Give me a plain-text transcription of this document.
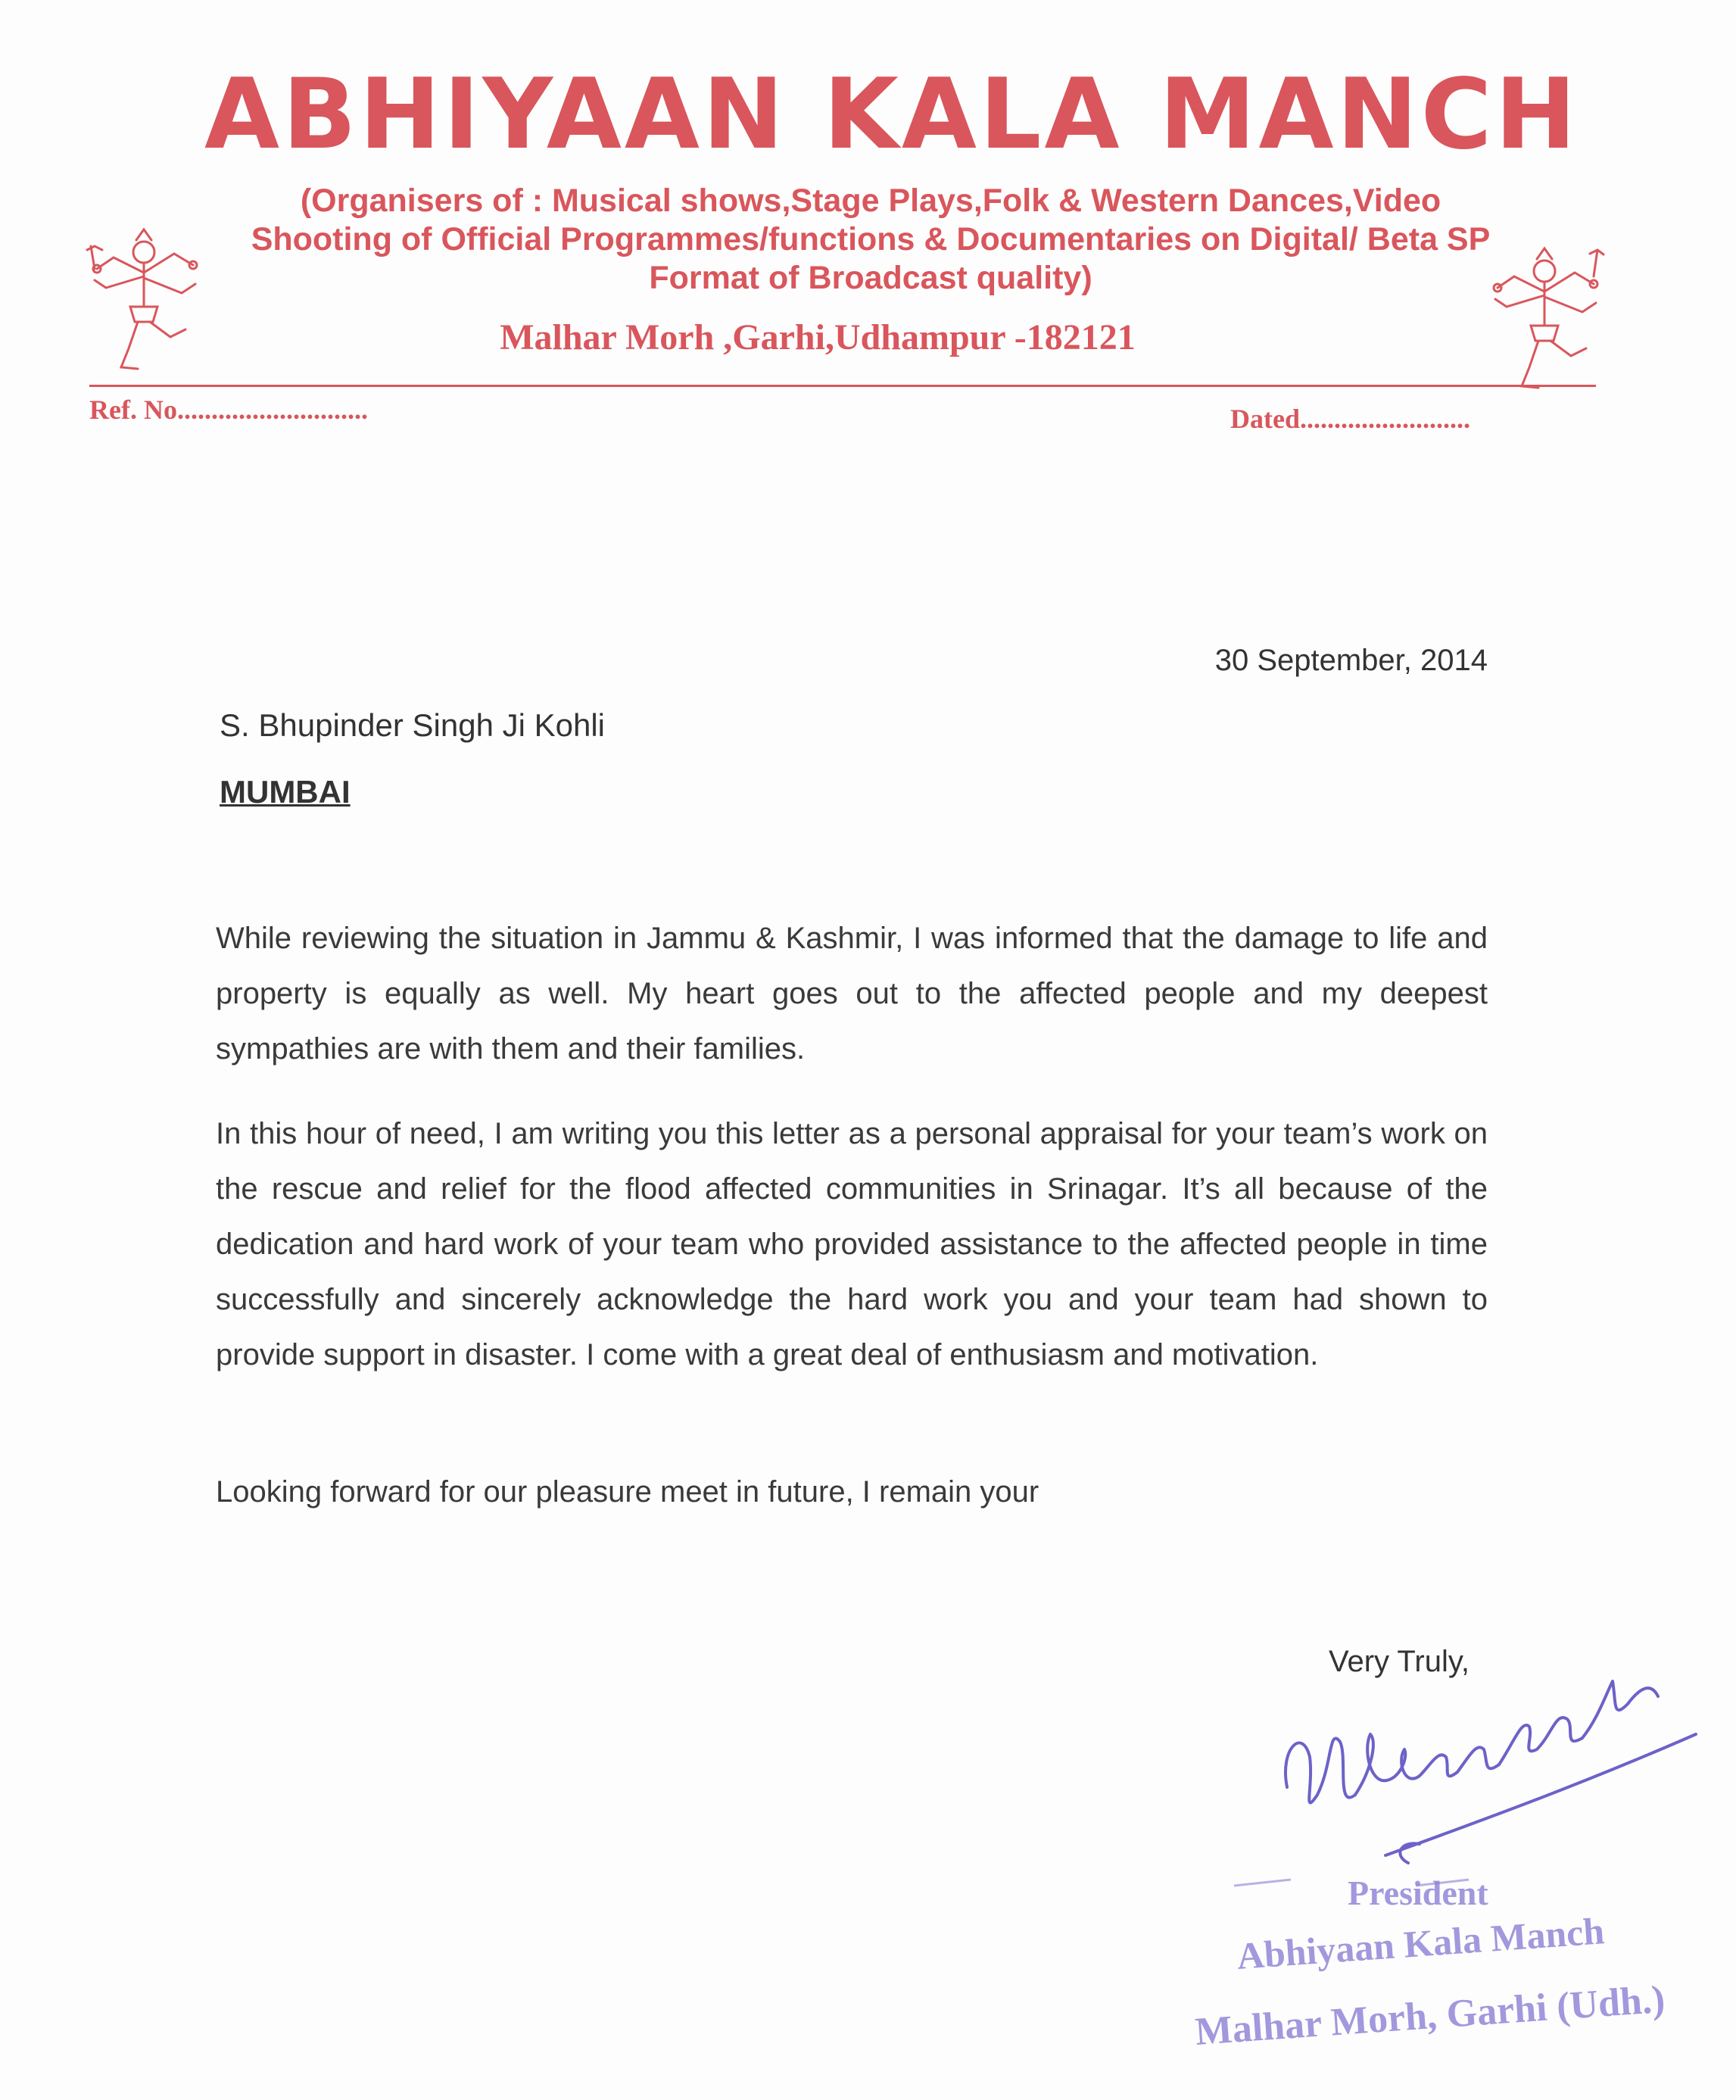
ABHIYAAN KALA MANCH
(Organisers of : Musical shows,Stage Plays,Folk & Western Dances,Video Shooting of Official Programmes/functions & Documentaries on Digital/ Beta SP Format of Broadcast quality)
Malhar Morh ,Garhi,Udhampur -182121
Ref. No............................	Dated.........................
30 September, 2014
S. Bhupinder Singh Ji Kohli
MUMBAI

While reviewing the situation in Jammu & Kashmir, I was informed that the damage to life and property is equally as well. My heart goes out to the affected people and my deepest sympathies are with them and their families.

In this hour of need, I am writing you this letter as a personal appraisal for your team’s work on the rescue and relief for the flood affected communities in Srinagar. It’s all because of the dedication and hard work of your team who provided assistance to the affected people in time successfully and sincerely acknowledge the hard work you and your team had shown to provide support in disaster. I come with a great deal of enthusiasm and motivation.

Looking forward for our pleasure meet in future, I remain your
Very Truly,
President
Abhiyaan Kala Manch
Malhar Morh, Garhi (Udh.)
